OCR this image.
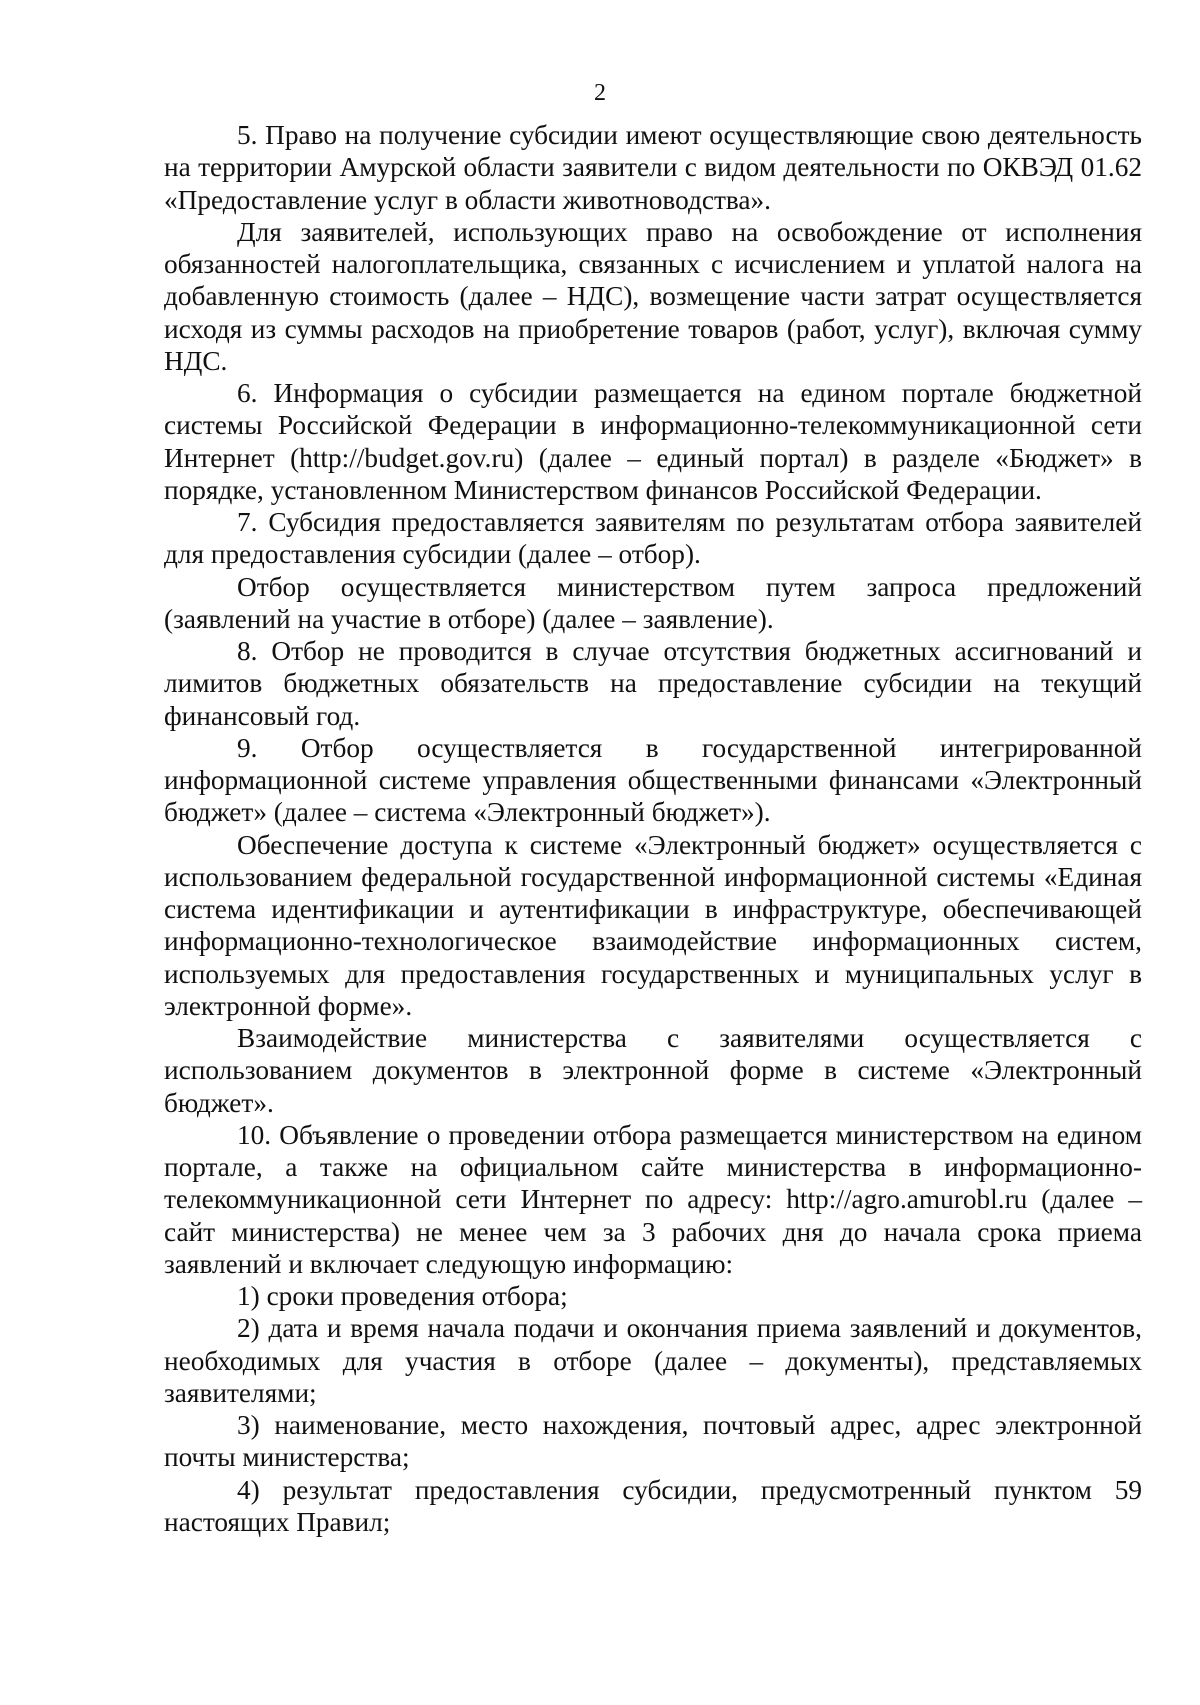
2

5. Право на получение субсидии имеют осуществляющие свою деятельность на территории Амурской области заявители с видом деятельности по ОКВЭД 01.62 «Предоставление услуг в области животноводства».

Для заявителей, использующих право на освобождение от исполнения обязанностей налогоплательщика, связанных с исчислением и уплатой налога на добавленную стоимость (далее – НДС), возмещение части затрат осуществляется исходя из суммы расходов на приобретение товаров (работ, услуг), включая сумму НДС.

6. Информация о субсидии размещается на едином портале бюджетной системы Российской Федерации в информационно-телекоммуникационной сети Интернет (http://budget.gov.ru) (далее – единый портал) в разделе «Бюджет» в порядке, установленном Министерством финансов Российской Федерации.

7. Субсидия предоставляется заявителям по результатам отбора заявителей для предоставления субсидии (далее – отбор).

Отбор осуществляется министерством путем запроса предложений (заявлений на участие в отборе) (далее – заявление).

8. Отбор не проводится в случае отсутствия бюджетных ассигнований и лимитов бюджетных обязательств на предоставление субсидии на текущий финансовый год.

9. Отбор осуществляется в государственной интегрированной информационной системе управления общественными финансами «Электронный бюджет» (далее – система «Электронный бюджет»).

Обеспечение доступа к системе «Электронный бюджет» осуществляется с использованием федеральной государственной информационной системы «Единая система идентификации и аутентификации в инфраструктуре, обеспечивающей информационно-технологическое взаимодействие информационных систем, используемых для предоставления государственных и муниципальных услуг в электронной форме».

Взаимодействие министерства с заявителями осуществляется с использованием документов в электронной форме в системе «Электронный бюджет».

10. Объявление о проведении отбора размещается министерством на едином портале, а также на официальном сайте министерства в информационно-телекоммуникационной сети Интернет по адресу: http://agro.amurobl.ru (далее – сайт министерства) не менее чем за 3 рабочих дня до начала срока приема заявлений и включает следующую информацию:

1) сроки проведения отбора;

2) дата и время начала подачи и окончания приема заявлений и документов, необходимых для участия в отборе (далее – документы), представляемых заявителями;

3) наименование, место нахождения, почтовый адрес, адрес электронной почты министерства;

4) результат предоставления субсидии, предусмотренный пунктом 59 настоящих Правил;
